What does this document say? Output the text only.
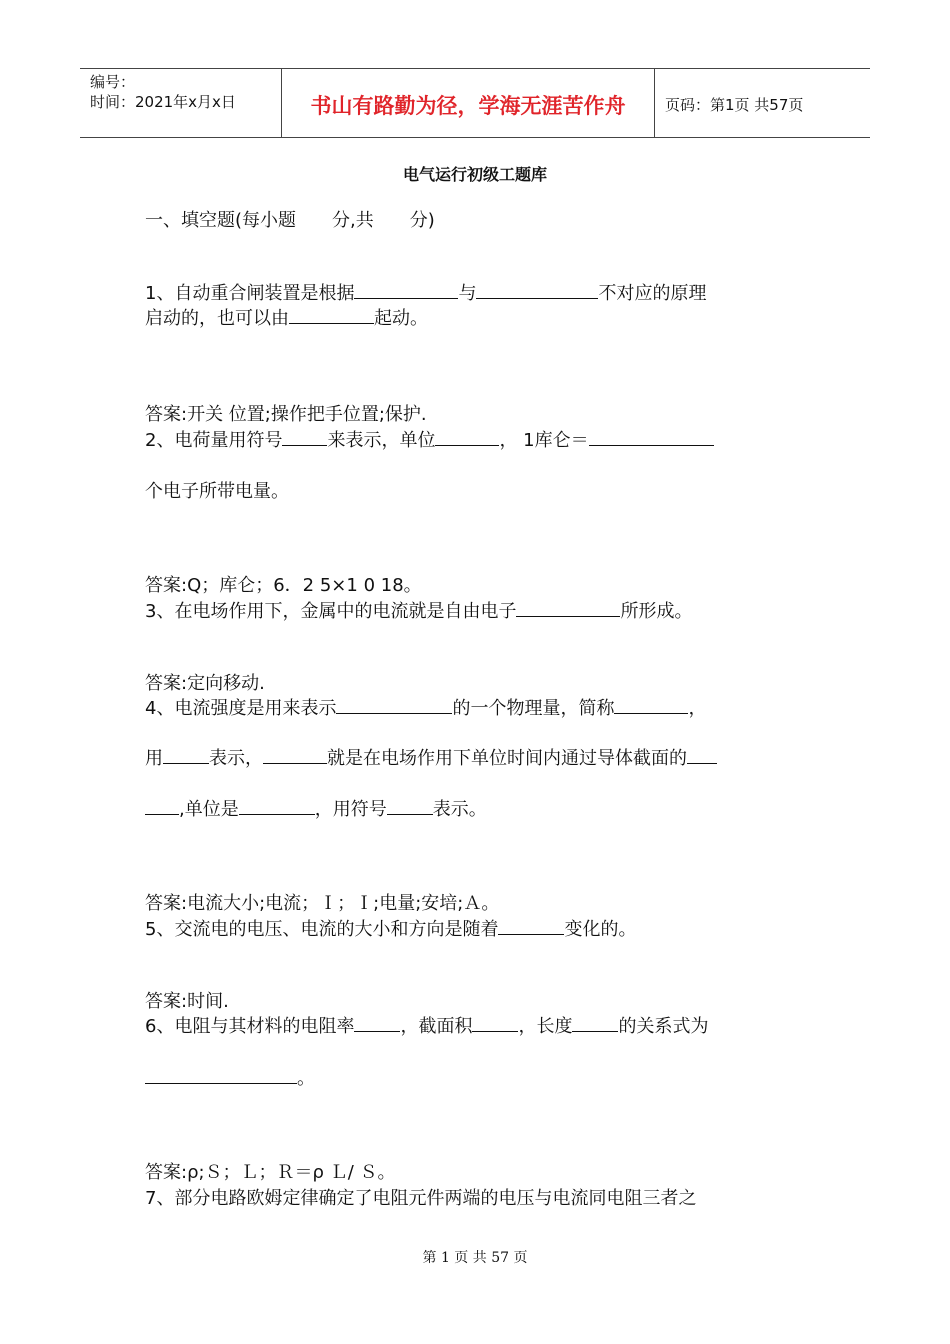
编号：
时间：2021年x月x日	书山有路勤为径，学海无涯苦作舟	页码：第1页 共57页
电气运行初级工题库
一、填空题(每小题　　分,共　　分)
1、自动重合闸装置是根据	与	不对应的原理
启动的，也可以由	起动。
答案:开关 位置;操作把手位置;保护.
2、电荷量用符号	来表示，单位	， 1库仑＝
个电子所带电量。
答案:Q；库仑；6．2 5×1 0 18。
3、在电场作用下，金属中的电流就是自由电子	所形成。
答案:定向移动.
4、电流强度是用来表示	的一个物理量，简称	，
用	表示，	就是在电场作用下单位时间内通过导体截面的
,单位是	，用符号	表示。
答案:电流大小;电流；Ｉ；Ｉ;电量;安培;Ａ。
5、交流电的电压、电流的大小和方向是随着	变化的。
答案:时间.
6、电阻与其材料的电阻率	，截面积	，长度	的关系式为
。
答案:ρ;Ｓ；Ｌ；Ｒ＝ρ Ｌ/ Ｓ。
7、部分电路欧姆定律确定了电阻元件两端的电压与电流同电阻三者之
第 1 页 共 57 页
